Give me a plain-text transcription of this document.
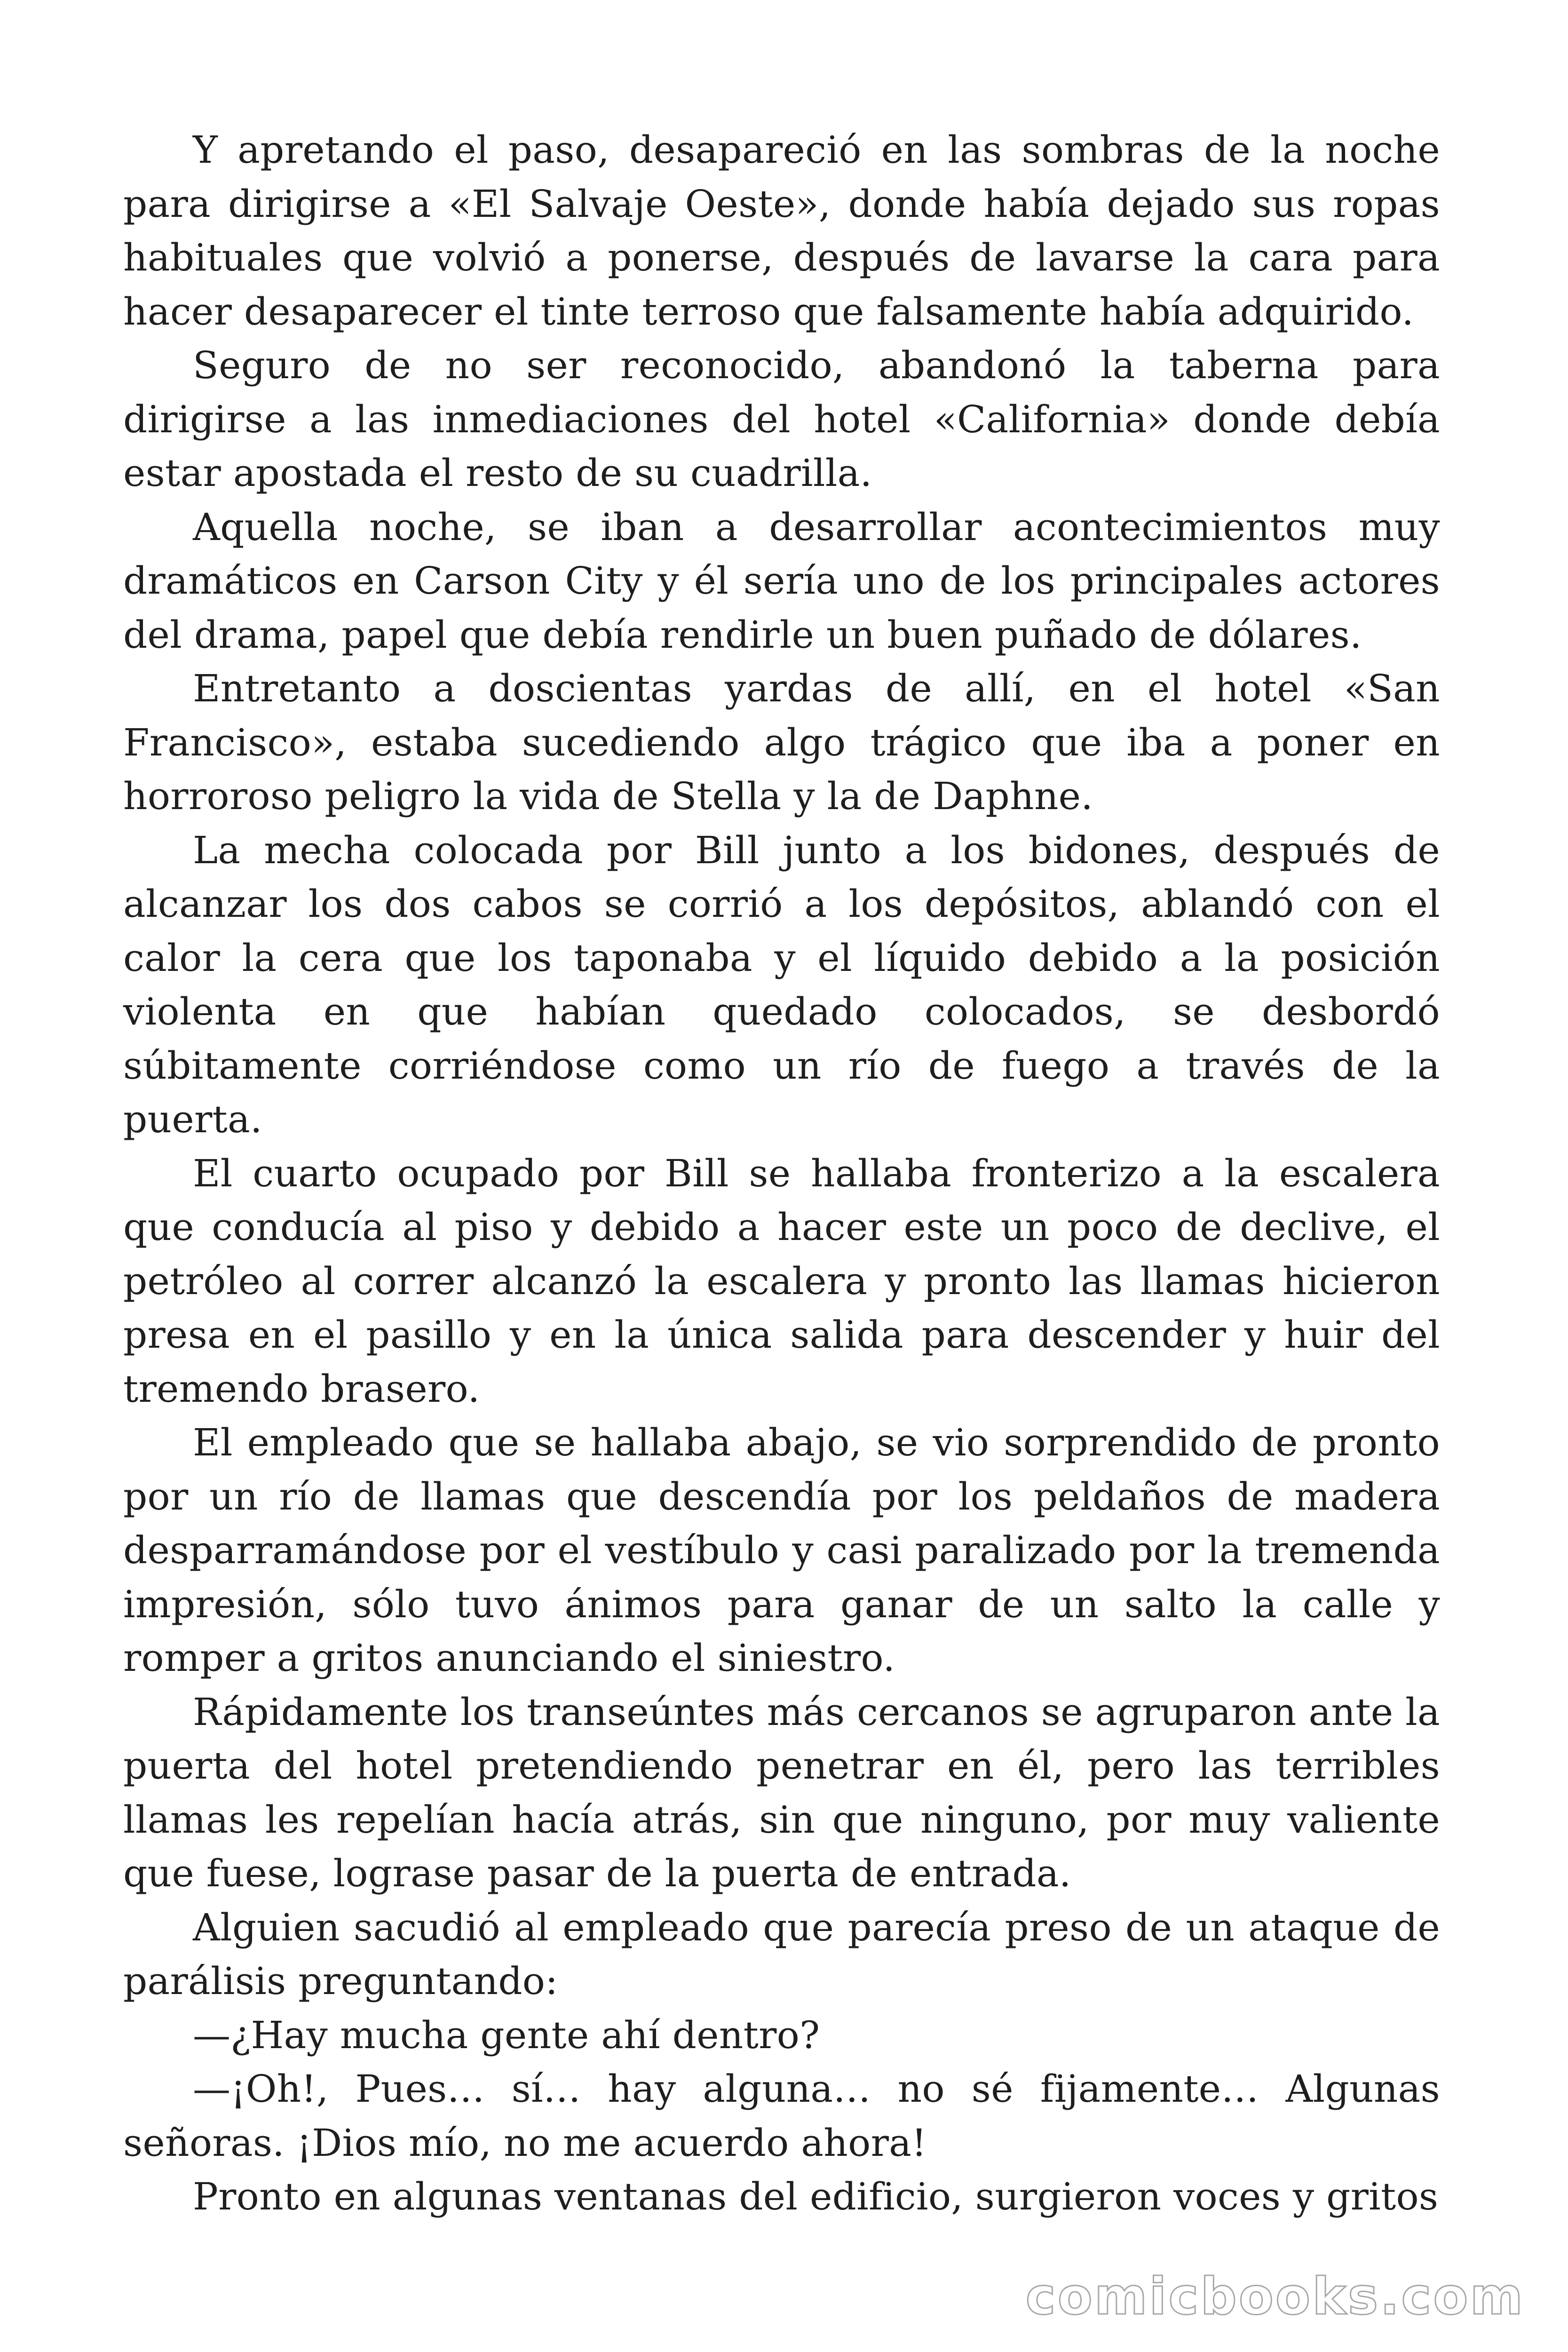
Y apretando el paso, desapareció en las sombras de la noche para dirigirse a «El Salvaje Oeste», donde había dejado sus ropas habituales que volvió a ponerse, después de lavarse la cara para hacer desaparecer el tinte terroso que falsamente había adquirido.

Seguro de no ser reconocido, abandonó la taberna para dirigirse a las inmediaciones del hotel «California» donde debía estar apostada el resto de su cuadrilla.

Aquella noche, se iban a desarrollar acontecimientos muy dramáticos en Carson City y él sería uno de los principales actores del drama, papel que debía rendirle un buen puñado de dólares.

Entretanto a doscientas yardas de allí, en el hotel «San Francisco», estaba sucediendo algo trágico que iba a poner en horroroso peligro la vida de Stella y la de Daphne.

La mecha colocada por Bill junto a los bidones, después de alcanzar los dos cabos se corrió a los depósitos, ablandó con el calor la cera que los taponaba y el líquido debido a la posición violenta en que habían quedado colocados, se desbordó súbitamente corriéndose como un río de fuego a través de la puerta.

El cuarto ocupado por Bill se hallaba fronterizo a la escalera que conducía al piso y debido a hacer este un poco de declive, el petróleo al correr alcanzó la escalera y pronto las llamas hicieron presa en el pasillo y en la única salida para descender y huir del tremendo brasero.

El empleado que se hallaba abajo, se vio sorprendido de pronto por un río de llamas que descendía por los peldaños de madera desparramándose por el vestíbulo y casi paralizado por la tremenda impresión, sólo tuvo ánimos para ganar de un salto la calle y romper a gritos anunciando el siniestro.

Rápidamente los transeúntes más cercanos se agruparon ante la puerta del hotel pretendiendo penetrar en él, pero las terribles llamas les repelían hacía atrás, sin que ninguno, por muy valiente que fuese, lograse pasar de la puerta de entrada.

Alguien sacudió al empleado que parecía preso de un ataque de parálisis preguntando:

—¿Hay mucha gente ahí dentro?

—¡Oh!, Pues… sí… hay alguna… no sé fijamente… Algunas señoras. ¡Dios mío, no me acuerdo ahora!

Pronto en algunas ventanas del edificio, surgieron voces y gritos

comicbooks.com
